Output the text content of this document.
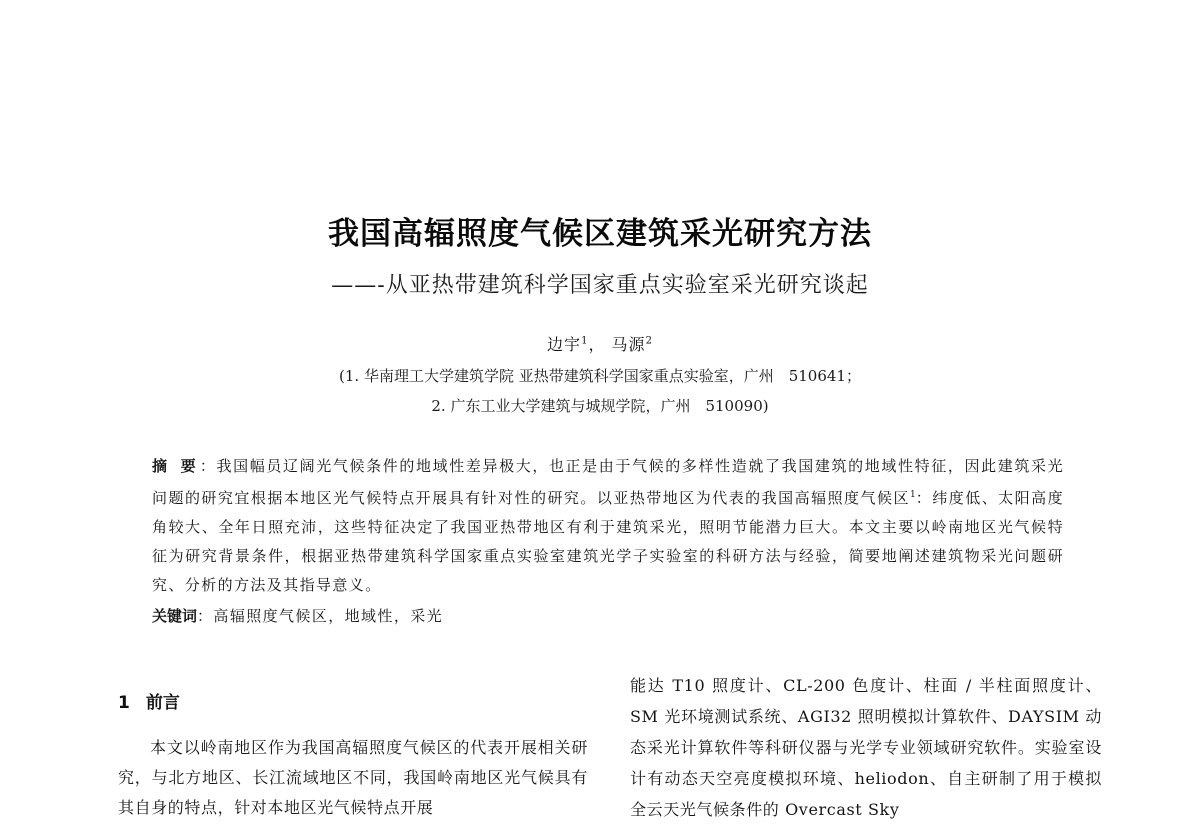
我国高辐照度气候区建筑采光研究方法
——-从亚热带建筑科学国家重点实验室采光研究谈起
边宇$^1$， 马源$^2$
(1. 华南理工大学建筑学院 亚热带建筑科学国家重点实验室，广州　510641；
2. 广东工业大学建筑与城规学院，广州　510090)
摘 要：我国幅员辽阔光气候条件的地域性差异极大，也正是由于气候的多样性造就了我国建筑的地域性特征，因此建筑采光问题的研究宜根据本地区光气候特点开展具有针对性的研究。以亚热带地区为代表的我国高辐照度气候区$^1$：纬度低、太阳高度角较大、全年日照充沛，这些特征决定了我国亚热带地区有利于建筑采光，照明节能潜力巨大。本文主要以岭南地区光气候特征为研究背景条件，根据亚热带建筑科学国家重点实验室建筑光学子实验室的科研方法与经验，简要地阐述建筑物采光问题研究、分析的方法及其指导意义。
关键词：高辐照度气候区，地域性，采光
1 前言
本文以岭南地区作为我国高辐照度气候区的代表开展相关研究，与北方地区、长江流域地区不同，我国岭南地区光气候具有其自身的特点，针对本地区光气候特点开展
能达 T10 照度计、CL-200 色度计、柱面 / 半柱面照度计、SM 光环境测试系统、AGI32 照明模拟计算软件、DAYSIM 动态采光计算软件等科研仪器与光学专业领域研究软件。实验室设计有动态天空亮度模拟环境、heliodon、自主研制了用于模拟全云天光气候条件的 Overcast Sky
